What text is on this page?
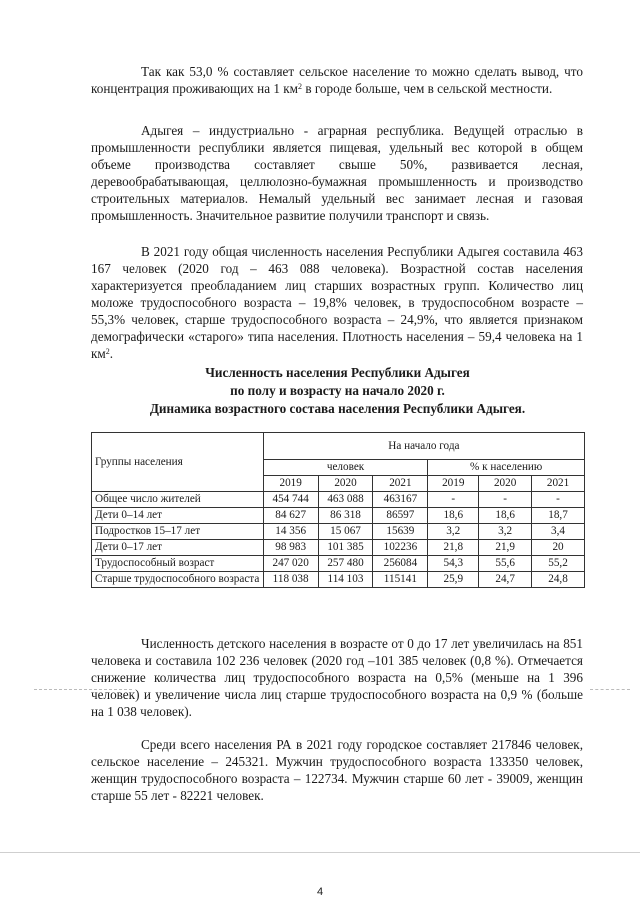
Так как 53,0 % составляет сельское население то можно сделать вывод, что концентрация проживающих на 1 $км^2$ в городе больше, чем в сельской местности.

Адыгея – индустриально - аграрная республика. Ведущей отраслью в промышленности республики является пищевая, удельный вес которой в общем объеме производства составляет свыше 50%, развивается лесная, деревообрабатывающая, целлюлозно-бумажная промышленность и производство строительных материалов. Немалый удельный вес занимает лесная и газовая промышленность. Значительное развитие получили транспорт и связь.

В 2021 году общая численность населения Республики Адыгея составила 463 167 человек (2020 год – 463 088 человека). Возрастной состав населения характеризуется преобладанием лиц старших возрастных групп. Количество лиц моложе трудоспособного возраста – 19,8% человек, в трудоспособном возрасте – 55,3% человек, старше трудоспособного возраста – 24,9%, что является признаком демографически «старого» типа населения. Плотность населения – 59,4 человека на 1 $км^2$.

Численность населения Республики Адыгея
по полу и возрасту на начало 2020 г.
Динамика возрастного состава населения Республики Адыгея.
Группы населения	На начало года					
	человек			% к населению		
	2019	2020	2021	2019	2020	2021
Общее число жителей	454 744	463 088	463167	-	-	-
Дети 0–14 лет	84 627	86 318	86597	18,6	18,6	18,7
Подростков 15–17 лет	14 356	15 067	15639	3,2	3,2	3,4
Дети 0–17 лет	98 983	101 385	102236	21,8	21,9	20
Трудоспособный возраст	247 020	257 480	256084	54,3	55,6	55,2
Старше трудоспособного возраста	118 038	114 103	115141	25,9	24,7	24,8

Численность детского населения в возрасте от 0 до 17 лет увеличилась на 851 человека и составила 102 236 человек (2020 год –101 385 человек (0,8 %). Отмечается снижение количества лиц трудоспособного возраста на 0,5% (меньше на 1 396 человек) и увеличение числа лиц старше трудоспособного возраста на 0,9 % (больше на 1 038 человек).

Среди всего населения РА в 2021 году городское составляет 217846 человек, сельское население – 245321. Мужчин трудоспособного возраста 133350 человек, женщин трудоспособного возраста – 122734. Мужчин старше 60 лет - 39009, женщин старше 55 лет - 82221 человек.

4
